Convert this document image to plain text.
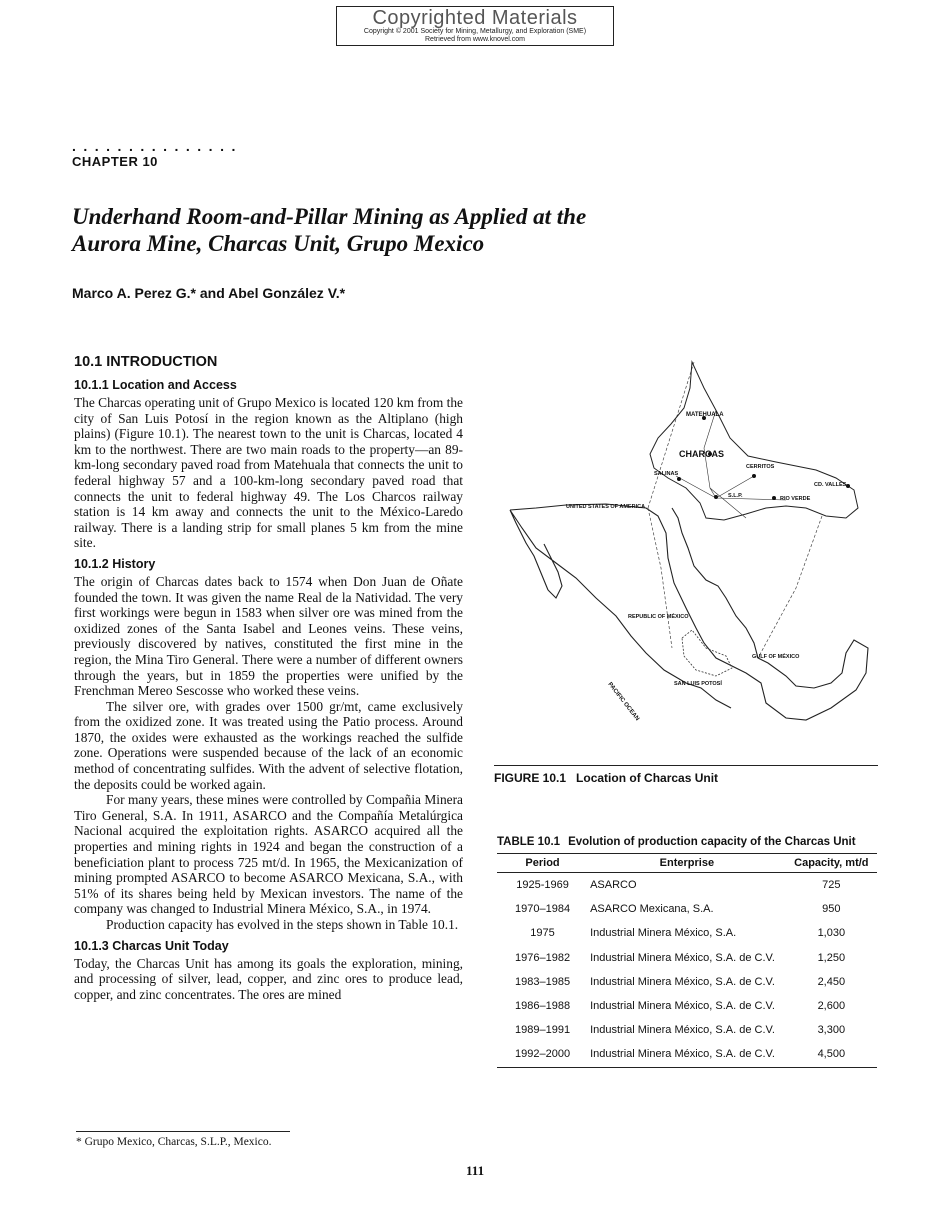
Copyrighted Materials
Copyright © 2001 Society for Mining, Metallurgy, and Exploration (SME)
Retrieved from www.knovel.com
...............
CHAPTER 10
Underhand Room-and-Pillar Mining as Applied at the Aurora Mine, Charcas Unit, Grupo Mexico
Marco A. Perez G.* and Abel González V.*
10.1 INTRODUCTION
10.1.1 Location and Access

The Charcas operating unit of Grupo Mexico is located 120 km from the city of San Luis Potosí in the region known as the Altiplano (high plains) (Figure 10.1). The nearest town to the unit is Charcas, located 4 km to the northwest. There are two main roads to the property—an 89-km-long secondary paved road from Matehuala that connects the unit to federal highway 57 and a 100-km-long secondary paved road that connects the unit to federal highway 49. The Los Charcos railway station is 14 km away and connects the unit to the México-Laredo railway. There is a landing strip for small planes 5 km from the mine site.

10.1.2 History

The origin of Charcas dates back to 1574 when Don Juan de Oñate founded the town. It was given the name Real de la Natividad. The very first workings were begun in 1583 when silver ore was mined from the oxidized zones of the Santa Isabel and Leones veins. These veins, previously discovered by natives, constituted the first mine in the region, the Mina Tiro General. There were a number of different owners through the years, but in 1859 the properties were unified by the Frenchman Mereo Sescosse who worked these veins.

The silver ore, with grades over 1500 gr/mt, came exclusively from the oxidized zone. It was treated using the Patio process. Around 1870, the oxides were exhausted as the workings reached the sulfide zone. Operations were suspended because of the lack of an economic method of concentrating sulfides. With the advent of selective flotation, the deposits could be worked again.

For many years, these mines were controlled by Compañia Minera Tiro General, S.A. In 1911, ASARCO and the Compañía Metalúrgica Nacional acquired the exploitation rights. ASARCO acquired all the properties and mining rights in 1924 and began the construction of a beneficiation plant to process 725 mt/d. In 1965, the Mexicanization of mining prompted ASARCO to become ASARCO Mexicana, S.A., with 51% of its shares being held by Mexican investors. The name of the company was changed to Industrial Minera México, S.A., in 1974.

Production capacity has evolved in the steps shown in Table 10.1.

10.1.3 Charcas Unit Today

Today, the Charcas Unit has among its goals the exploration, mining, and processing of silver, lead, copper, and zinc ores to produce lead, copper, and zinc concentrates. The ores are mined

MATEHUALA
CHARCAS
SALINAS
CERRITOS
CD. VALLES
S.L.P.	RIO VERDE
UNITED STATES OF AMERICA
REPUBLIC OF MÉXICO
GULF OF MÉXICO
SAN LUIS POTOSÍ
PACIFIC OCEAN
FIGURE 10.1 Location of Charcas Unit
TABLE 10.1 Evolution of production capacity of the Charcas Unit
Period	Enterprise	Capacity, mt/d
1925-1969	ASARCO	725
1970–1984	ASARCO Mexicana, S.A.	950
1975	Industrial Minera México, S.A.	1,030
1976–1982	Industrial Minera México, S.A. de C.V.	1,250
1983–1985	Industrial Minera México, S.A. de C.V.	2,450
1986–1988	Industrial Minera México, S.A. de C.V.	2,600
1989–1991	Industrial Minera México, S.A. de C.V.	3,300
1992–2000	Industrial Minera México, S.A. de C.V.	4,500
* Grupo Mexico, Charcas, S.L.P., Mexico.
111
